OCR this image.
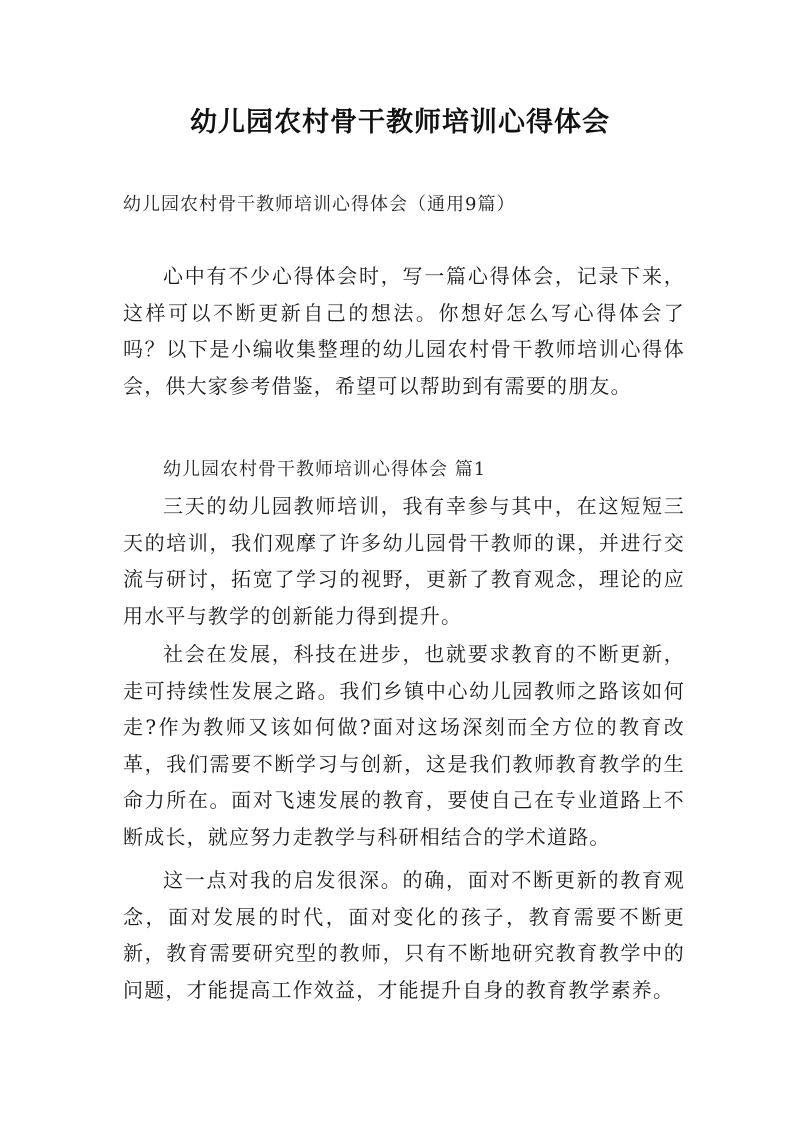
幼儿园农村骨干教师培训心得体会
幼儿园农村骨干教师培训心得体会（通用9篇）

心中有不少心得体会时，写一篇心得体会，记录下来，这样可以不断更新自己的想法。你想好怎么写心得体会了吗？以下是小编收集整理的幼儿园农村骨干教师培训心得体会，供大家参考借鉴，希望可以帮助到有需要的朋友。

幼儿园农村骨干教师培训心得体会 篇1

三天的幼儿园教师培训，我有幸参与其中，在这短短三天的培训，我们观摩了许多幼儿园骨干教师的课，并进行交流与研讨，拓宽了学习的视野，更新了教育观念，理论的应用水平与教学的创新能力得到提升。

社会在发展，科技在进步，也就要求教育的不断更新，走可持续性发展之路。我们乡镇中心幼儿园教师之路该如何走?作为教师又该如何做?面对这场深刻而全方位的教育改革，我们需要不断学习与创新，这是我们教师教育教学的生命力所在。面对飞速发展的教育，要使自己在专业道路上不断成长，就应努力走教学与科研相结合的学术道路。

这一点对我的启发很深。的确，面对不断更新的教育观念，面对发展的时代，面对变化的孩子，教育需要不断更新，教育需要研究型的教师，只有不断地研究教育教学中的问题，才能提高工作效益，才能提升自身的教育教学素养。
